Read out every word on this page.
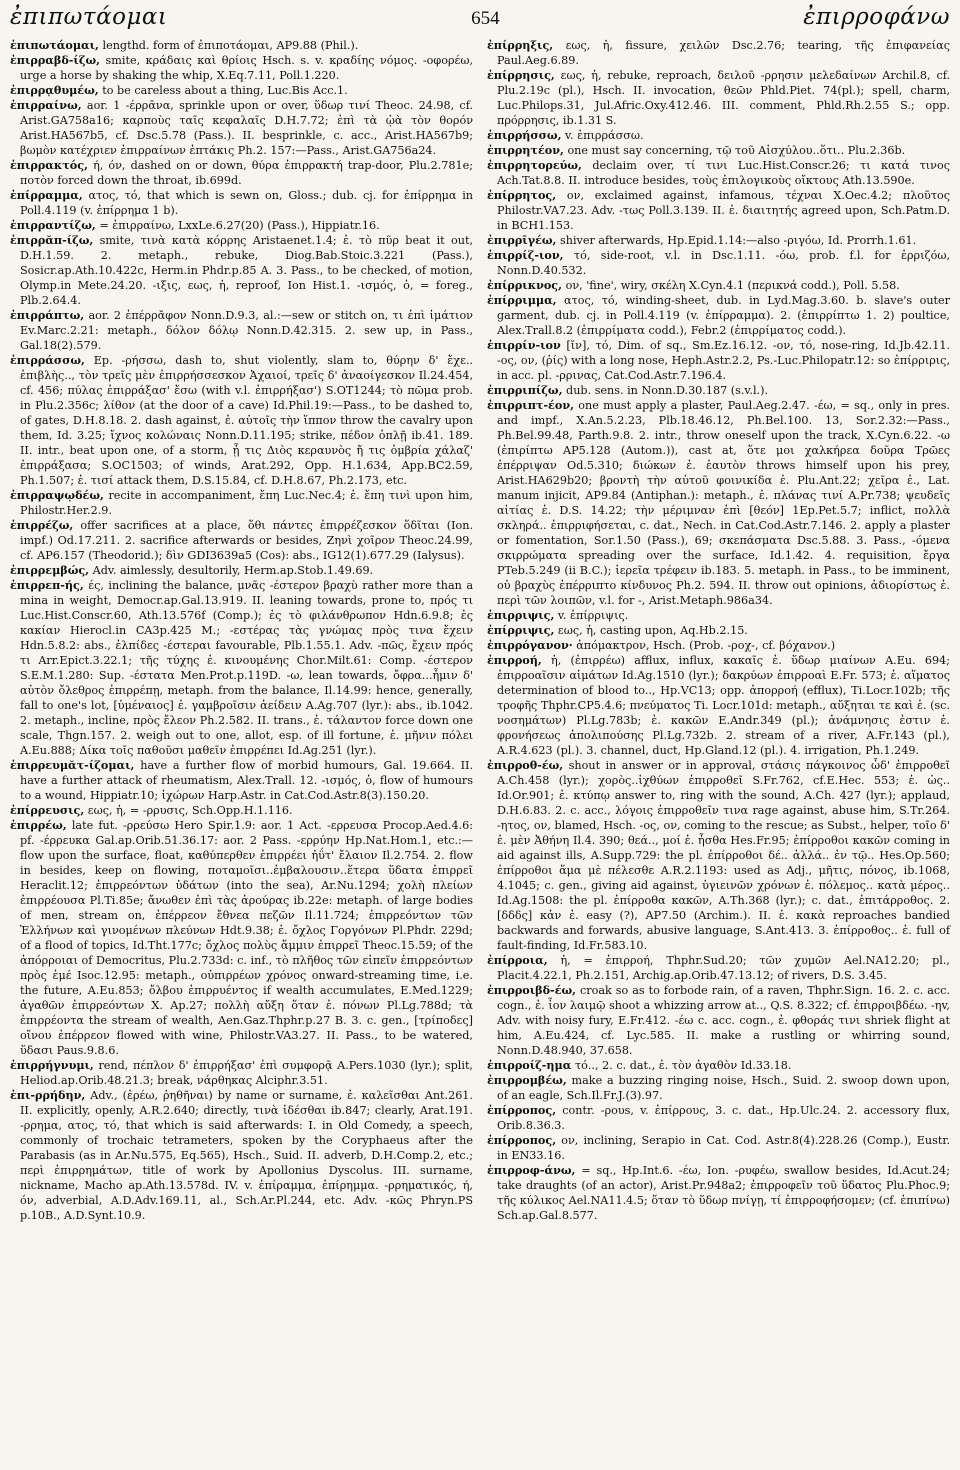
ἐπιπωτάομαι	654	ἐπιρροφάνω

ἐπιπωτάομαι, lengthd. form of ἐπιποτάομαι, AP9.88 (Phil.).

ἐπιρραβδ-ίζω, smite, κράδαις καὶ θρίοις Hsch. s. v. κραδίης νόμος. -οφορέω, urge a horse by shaking the whip, X.Eq.7.11, Poll.1.220.

ἐπιρρᾳθυμέω, to be careless about a thing, Luc.Bis Acc.1.

ἐπιρραίνω, aor. 1 -έρρᾱνα, sprinkle upon or over, ὕδωρ τινί Theoc. 24.98, cf. Arist.GA758a16; καρποὺς ταῖς κεφαλαῖς D.H.7.72; ἐπὶ τὰ ᾠὰ τὸν θορόν Arist.HA567b5, cf. Dsc.5.78 (Pass.). II. besprinkle, c. acc., Arist.HA567b9; βωμὸν κατέχριεν ἐπιρραίνων ἑπτάκις Ph.2. 157:—Pass., Arist.GA756a24.

ἐπιρρακτός, ή, όν, dashed on or down, θύρα ἐπιρρακτή trap-door, Plu.2.781e; ποτὸν forced down the throat, ib.699d.

ἐπίρραμμα, ατος, τό, that which is sewn on, Gloss.; dub. cj. for ἐπίρρημα in Poll.4.119 (v. ἐπίρρημα 1 b).

ἐπιρραντίζω, = ἐπιρραίνω, LxxLe.6.27(20) (Pass.), Hippiatr.16.

ἐπιρρᾰπ-ίζω, smite, τινὰ κατὰ κόρρης Aristaenet.1.4; ἐ. τὸ πῦρ beat it out, D.H.1.59. 2. metaph., rebuke, Diog.Bab.Stoic.3.221 (Pass.), Sosicr.ap.Ath.10.422c, Herm.in Phdr.p.85 A. 3. Pass., to be checked, of motion, Olymp.in Mete.24.20. -ιξις, εως, ἡ, reproof, Ion Hist.1. -ισμός, ὁ, = foreg., Plb.2.64.4.

ἐπιρράπτω, aor. 2 ἐπέρρᾰφον Nonn.D.9.3, al.:—sew or stitch on, τι ἐπὶ ἱμάτιον Ev.Marc.2.21: metaph., δόλον δόλῳ Nonn.D.42.315. 2. sew up, in Pass., Gal.18(2).579.

ἐπιρράσσω, Ep. -ρήσσω, dash to, shut violently, slam to, θύρην δ' ἔχε.. ἐπιβλὴς.., τὸν τρεῖς μὲν ἐπιρρήσσεσκον Ἀχαιοί, τρεῖς δ' ἀναοίγεσκον Il.24.454, cf. 456; πύλας ἐπιρράξασ' ἔσω (with v.l. ἐπιρρήξασ') S.OT1244; τὸ πῶμα prob. in Plu.2.356c; λίθον (at the door of a cave) Id.Phil.19:—Pass., to be dashed to, of gates, D.H.8.18. 2. dash against, ἐ. αὐτοῖς τὴν ἵππον throw the cavalry upon them, Id. 3.25; ἴχνος κολώναις Nonn.D.11.195; strike, πέδον ὁπλῇ ib.41. 189. II. intr., beat upon one, of a storm, ᾗ τις Διὸς κεραυνὸς ἤ τις ὀμβρία χάλαζ' ἐπιρράξασα; S.OC1503; of winds, Arat.292, Opp. H.1.634, App.BC2.59, Ph.1.507; ἐ. τισί attack them, D.S.15.84, cf. D.H.8.67, Ph.2.173, etc.

ἐπιρραψῳδέω, recite in accompaniment, ἔπη Luc.Nec.4; ἐ. ἔπη τινὶ upon him, Philostr.Her.2.9.

ἐπιρρέζω, offer sacrifices at a place, ὅθι πάντες ἐπιρρέζεσκον ὅδῖται (Ion. impf.) Od.17.211. 2. sacrifice afterwards or besides, Ζηνὶ χοῖρον Theoc.24.99, cf. AP6.157 (Theodorid.); δὶν GDI3639a5 (Cos): abs., IG12(1).677.29 (Ialysus).

ἐπιρρεμβώς, Adv. aimlessly, desultorily, Herm.ap.Stob.1.49.69.

ἐπιρρεπ-ής, ές, inclining the balance, μνᾶς -έστερον βραχὺ rather more than a mina in weight, Democr.ap.Gal.13.919. II. leaning towards, prone to, πρός τι Luc.Hist.Conscr.60, Ath.13.576f (Comp.); ἐς τὸ φιλάνθρωπον Hdn.6.9.8; ἐς κακίαν Hierocl.in CA3p.425 M.; -εστέρας τὰς γνώμας πρὸς τινα ἔχειν Hdn.5.8.2: abs., ἐλπίδες -έστεραι favourable, Plb.1.55.1. Adv. -πῶς, ἔχειν πρός τι Arr.Epict.3.22.1; τῆς τύχης ἐ. κινουμένης Chor.Milt.61: Comp. -έστερον S.E.M.1.280: Sup. -έστατα Men.Prot.p.119D. -ω, lean towards, ὄφρα...ἧμιν δ' αὐτὸν ὄλεθρος ἐπιρρέπῃ, metaph. from the balance, Il.14.99: hence, generally, fall to one's lot, [ὑμέναιος] ἐ. γαμβροῖσιν ἀείδειν A.Ag.707 (lyr.): abs., ib.1042. 2. metaph., incline, πρὸς ἔλεον Ph.2.582. II. trans., ἐ. τάλαντον force down one scale, Thgn.157. 2. weigh out to one, allot, esp. of ill fortune, ἐ. μῆνιν πόλει A.Eu.888; Δίκα τοῖς παθοῦσι μαθεῖν ἐπιρρέπει Id.Ag.251 (lyr.).

ἐπιρρευμᾰτ-ίζομαι, have a further flow of morbid humours, Gal. 19.664. II. have a further attack of rheumatism, Alex.Trall. 12. -ισμός, ὁ, flow of humours to a wound, Hippiatr.10; ἰχώρων Harp.Astr. in Cat.Cod.Astr.8(3).150.20.

ἐπίρρευσις, εως, ἡ, = -ρρυσις, Sch.Opp.H.1.116.

ἐπιρρέω, late fut. -ρρεύσω Hero Spir.1.9: aor. 1 Act. -ερρευσα Procop.Aed.4.6: pf. -έρρευκα Gal.ap.Orib.51.36.17: aor. 2 Pass. -ερρύην Hp.Nat.Hom.1, etc.:—flow upon the surface, float, καθύπερθεν ἐπιρρέει ἠΰτ' ἔλαιον Il.2.754. 2. flow in besides, keep on flowing, ποταμοῖσι..ἐμβαλουσιν..ἕτερα ὕδατα ἐπιρρεῖ Heraclit.12; ἐπιρρεόντων ὑδάτων (into the sea), Ar.Nu.1294; χολὴ πλείων ἐπιρρέουσα Pl.Ti.85e; ἄνωθεν ἐπὶ τὰς ἀρούρας ib.22e: metaph. of large bodies of men, stream on, ἐπέρρεον ἔθνεα πεζῶν Il.11.724; ἐπιρρεόντων τῶν Ἑλλήνων καὶ γινομένων πλεύνων Hdt.9.38; ἐ. ὄχλος Γοργόνων Pl.Phdr. 229d; of a flood of topics, Id.Tht.177c; ὄχλος πολὺς ἅμμιν ἐπιρρεῖ Theoc.15.59; of the ἀπόρροιαι of Democritus, Plu.2.733d: c. inf., τὸ πλῆθος τῶν εἰπεῖν ἐπιρρεόντων πρὸς ἐμέ Isoc.12.95: metaph., οὐπιρρέων χρόνος onward-streaming time, i.e. the future, A.Eu.853; ὄλβου ἐπιρρυέντος if wealth accumulates, E.Med.1229; ἀγαθῶν ἐπιρρεόντων X. Ap.27; πολλὴ αὔξη ὅταν ἐ. πόνων Pl.Lg.788d; τὰ ἐπιρρέοντα the stream of wealth, Aen.Gaz.Thphr.p.27 B. 3. c. gen., [τρίποδες] οἴνου ἐπέρρεον flowed with wine, Philostr.VA3.27. II. Pass., to be watered, ὕδασι Paus.9.8.6.

ἐπιρρήγνυμι, rend, πέπλον δ' ἐπιρρήξασ' ἐπὶ συμφορᾷ A.Pers.1030 (lyr.); split, Heliod.ap.Orib.48.21.3; break, νάρθηκας Alciphr.3.51.

ἐπι-ρρήδην, Adv., (ἐρέω, ῥηθῆναι) by name or surname, ἐ. καλεῖσθαι Ant.261. II. explicitly, openly, A.R.2.640; directly, τινὰ ἰδέσθαι ib.847; clearly, Arat.191. -ρρημα, ατος, τό, that which is said afterwards: I. in Old Comedy, a speech, commonly of trochaic tetrameters, spoken by the Coryphaeus after the Parabasis (as in Ar.Nu.575, Eq.565), Hsch., Suid. II. adverb, D.H.Comp.2, etc.; περὶ ἐπιρρημάτων, title of work by Apollonius Dyscolus. III. surname, nickname, Macho ap.Ath.13.578d. IV. v. ἐπίραμμα, ἐπίρημμα. -ρρηματικός, ή, όν, adverbial, A.D.Adv.169.11, al., Sch.Ar.Pl.244, etc. Adv. -κῶς Phryn.PS p.10B., A.D.Synt.10.9.

ἐπίρρηξις, εως, ἡ, fissure, χειλῶν Dsc.2.76; tearing, τῆς ἐπιφανείας Paul.Aeg.6.89.

ἐπίρρησις, εως, ἡ, rebuke, reproach, δειλοῦ -ρρησιν μελεδαίνων Archil.8, cf. Plu.2.19c (pl.), Hsch. II. invocation, θεῶν Phld.Piet. 74(pl.); spell, charm, Luc.Philops.31, Jul.Afric.Oxy.412.46. III. comment, Phld.Rh.2.55 S.; opp. πρόρρησις, ib.1.31 S.

ἐπιρρήσσω, v. ἐπιρράσσω.

ἐπιρρητέον, one must say concerning, τῷ τοῦ Αἰσχύλου..ὅτι.. Plu.2.36b.

ἐπιρρητορεύω, declaim over, τί τινι Luc.Hist.Conscr.26; τι κατά τινος Ach.Tat.8.8. II. introduce besides, τοὺς ἐπιλογικοὺς οἴκτους Ath.13.590e.

ἐπίρρητος, ον, exclaimed against, infamous, τέχναι X.Oec.4.2; πλοῦτος Philostr.VA7.23. Adv. -τως Poll.3.139. II. ἐ. διαιτητής agreed upon, Sch.Patm.D. in BCH1.153.

ἐπιρρῑγέω, shiver afterwards, Hp.Epid.1.14:—also -ριγόω, Id. Prorrh.1.61.

ἐπιρρίζ-ιον, τό, side-root, v.l. in Dsc.1.11. -όω, prob. f.l. for ἐρριζόω, Nonn.D.40.532.

ἐπίρρικνος, ον, 'fine', wiry, σκέλη X.Cyn.4.1 (περικνά codd.), Poll. 5.58.

ἐπίρριμμα, ατος, τό, winding-sheet, dub. in Lyd.Mag.3.60. b. slave's outer garment, dub. cj. in Poll.4.119 (v. ἐπίρραμμα). 2. (ἐπιρρίπτω 1. 2) poultice, Alex.Trall.8.2 (ἐπιρρίματα codd.), Febr.2 (ἐπιρρίματος codd.).

ἐπιρρίν-ιον [ῐν], τό, Dim. of sq., Sm.Ez.16.12. -ον, τό, nose-ring, Id.Jb.42.11. -ος, ον, (ῥίς) with a long nose, Heph.Astr.2.2, Ps.-Luc.Philopatr.12: so ἐπίρριρις, in acc. pl. -ρρινας, Cat.Cod.Astr.7.196.4.

ἐπιρριπίζω, dub. sens. in Nonn.D.30.187 (s.v.l.).

ἐπιρριπτ-έον, one must apply a plaster, Paul.Aeg.2.47. -έω, = sq., only in pres. and impf., X.An.5.2.23, Plb.18.46.12, Ph.Bel.100. 13, Sor.2.32:—Pass., Ph.Bel.99.48, Parth.9.8. 2. intr., throw oneself upon the track, X.Cyn.6.22. -ω (ἐπιρίπτω AP5.128 (Autom.)), cast at, ὅτε μοι χαλκήρεα δοῦρα Τρῶες ἐπέρριψαν Od.5.310; διώκων ἐ. ἑαυτὸν throws himself upon his prey, Arist.HA629b20; βροντὴ τὴν αὐτοῦ φοινικίδα ἐ. Plu.Ant.22; χεῖρα ἐ., Lat. manum injicit, AP9.84 (Antiphan.): metaph., ἐ. πλάνας τινί A.Pr.738; ψευδεῖς αἰτίας ἐ. D.S. 14.22; τὴν μέριμναν ἐπὶ [θεόν] 1Ep.Pet.5.7; inflict, πολλὰ σκληρά.. ἐπιρριφήσεται, c. dat., Nech. in Cat.Cod.Astr.7.146. 2. apply a plaster or fomentation, Sor.1.50 (Pass.), 69; σκεπάσματα Dsc.5.88. 3. Pass., -όμενα σκιρρώματα spreading over the surface, Id.1.42. 4. requisition, ἔργα PTeb.5.249 (ii B.C.); ἱερεῖα τρέφειν ib.183. 5. metaph. in Pass., to be imminent, οὐ βραχὺς ἐπέρριπτο κίνδυνος Ph.2. 594. II. throw out opinions, ἀδιορίστως ἐ. περὶ τῶν λοιπῶν, v.l. for -, Arist.Metaph.986a34.

ἐπιρριψις, v. ἐπίρριψις.

ἐπίρριψις, εως, ἡ, casting upon, Aq.Hb.2.15.

ἐπιρρόγανον· ἀπόμακτρον, Hsch. (Prob. -ροχ-, cf. βόχανον.)

ἐπιρροή, ἡ, (ἐπιρρέω) afflux, influx, κακαῖς ἐ. ὕδωρ μιαίνων A.Eu. 694; ἐπιρροαῖσιν αἱμάτων Id.Ag.1510 (lyr.); δακρύων ἐπιρροαὶ E.Fr. 573; ἐ. αἵματος determination of blood to.., Hp.VC13; opp. ἀπορροή (efflux), Ti.Locr.102b; τῆς τροφῆς Thphr.CP5.4.6; πνεύματος Ti. Locr.101d: metaph., αὔξηται τε καὶ ἐ. (sc. νοσημάτων) Pl.Lg.783b; ἐ. κακῶν E.Andr.349 (pl.); ἀνάμνησις ἐστιν ἐ. φρονήσεως ἀπολιπούσης Pl.Lg.732b. 2. stream of a river, A.Fr.143 (pl.), A.R.4.623 (pl.). 3. channel, duct, Hp.Gland.12 (pl.). 4. irrigation, Ph.1.249.

ἐπιρροθ-έω, shout in answer or in approval, στάσις πάγκοινος ὧδ' ἐπιρροθεῖ A.Ch.458 (lyr.); χορὸς..ἰχθύων ἐπιρροθεῖ S.Fr.762, cf.E.Hec. 553; ἐ. ὡς.. Id.Or.901; ἐ. κτύπῳ answer to, ring with the sound, A.Ch. 427 (lyr.); applaud, D.H.6.83. 2. c. acc., λόγοις ἐπιρροθεῖν τινα rage against, abuse him, S.Tr.264. -ητος, ον, blamed, Hsch. -ος, ον, coming to the rescue; as Subst., helper, τοῖο δ' ἐ. μὲν Ἀθήνη Il.4. 390; θεά.., μοί ἐ. ἦσθα Hes.Fr.95; ἐπίρροθοι κακῶν coming in aid against ills, A.Supp.729: the pl. ἐπίρροθοι δέ.. ἀλλά.. ἐν τῷ.. Hes.Op.560; ἐπίρροθοι ἅμα μὲ πέλεσθε A.R.2.1193: used as Adj., μῆτις, πόνος, ib.1068, 4.1045; c. gen., giving aid against, ὑγιεινῶν χρόνων ἐ. πόλεμος.. κατὰ μέρος.. Id.Ag.1508: the pl. ἐπίρροθα κακῶν, A.Th.368 (lyr.); c. dat., ἐπιτάρροθος. 2. [δδδς] κἀν ἐ. easy (?), AP7.50 (Archim.). II. ἐ. κακὰ reproaches bandied backwards and forwards, abusive language, S.Ant.413. 3. ἐπίρροθος.. ἐ. full of fault-finding, Id.Fr.583.10.

ἐπίρροια, ἡ, = ἐπιρροή, Thphr.Sud.20; τῶν χυμῶν Ael.NA12.20; pl., Placit.4.22.1, Ph.2.151, Archig.ap.Orib.47.13.12; of rivers, D.S. 3.45.

ἐπιρροιβδ-έω, croak so as to forbode rain, of a raven, Thphr.Sign. 16. 2. c. acc. cogn., ἐ. ἶον λαιμῷ shoot a whizzing arrow at.., Q.S. 8.322; cf. ἐπιρροιβδέω. -ηv, Adv. with noisy fury, E.Fr.412. -έω c. acc. cogn., ἐ. φθοράς τινι shriek flight at him, A.Eu.424, cf. Lyc.585. II. make a rustling or whirring sound, Nonn.D.48.940, 37.658.

ἐπιρροίζ-ημα τό.., 2. c. dat., ἐ. τὸν ἀγαθὸν Id.33.18.

ἐπιρρομβέω, make a buzzing ringing noise, Hsch., Suid. 2. swoop down upon, of an eagle, Sch.Il.Fr.J.(3).97.

ἐπίρροπος, contr. -ρουs, v. ἐπίρρους, 3. c. dat., Hp.Ulc.24. 2. accessory flux, Orib.8.36.3.

ἐπίρροπος, ον, inclining, Serapio in Cat. Cod. Astr.8(4).228.26 (Comp.), Eustr. in EN33.16.

ἐπιρροφ-άνω, = sq., Hp.Int.6. -έω, Ion. -ρυφέω, swallow besides, Id.Acut.24; take draughts (of an actor), Arist.Pr.948a2; ἐπιρροφεῖν τοῦ ὕδατος Plu.Phoc.9; τῆς κύλικος Ael.NA11.4.5; ὅταν τὸ ὕδωρ πνίγῃ, τί ἐπιρροφήσομεν; (cf. ἐπιπίνω) Sch.ap.Gal.8.577.
